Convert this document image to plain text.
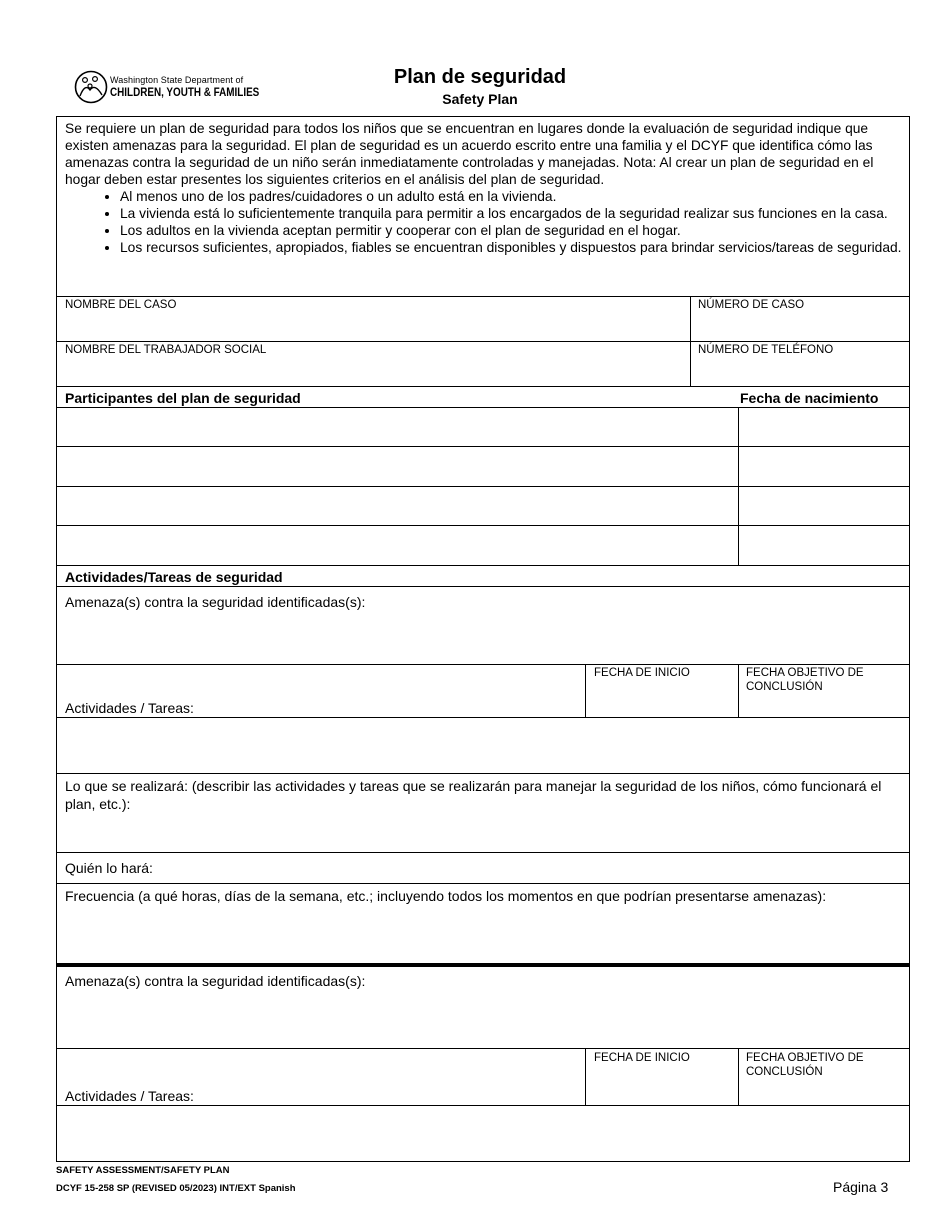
Washington State Department of
CHILDREN, YOUTH & FAMILIES
Plan de seguridad
Safety Plan

Se requiere un plan de seguridad para todos los niños que se encuentran en lugares donde la evaluación de seguridad indique que existen amenazas para la seguridad. El plan de seguridad es un acuerdo escrito entre una familia y el DCYF que identifica cómo las amenazas contra la seguridad de un niño serán inmediatamente controladas y manejadas. Nota: Al crear un plan de seguridad en el hogar deben estar presentes los siguientes criterios en el análisis del plan de seguridad.

• Al menos uno de los padres/cuidadores o un adulto está en la vivienda.
• La vivienda está lo suficientemente tranquila para permitir a los encargados de la seguridad realizar sus funciones en la casa.
• Los adultos en la vivienda aceptan permitir y cooperar con el plan de seguridad en el hogar.
• Los recursos suficientes, apropiados, fiables se encuentran disponibles y dispuestos para brindar servicios/tareas de seguridad.
NOMBRE DEL CASO	NÚMERO DE CASO
NOMBRE DEL TRABAJADOR SOCIAL	NÚMERO DE TELÉFONO
Participantes del plan de seguridad	Fecha de nacimiento
Actividades/Tareas de seguridad
Amenaza(s) contra la seguridad identificadas(s):
Actividades / Tareas:
FECHA DE INICIO	FECHA OBJETIVO DE CONCLUSIÓN
Lo que se realizará: (describir las actividades y tareas que se realizarán para manejar la seguridad de los niños, cómo funcionará el plan, etc.):
Quién lo hará:
Frecuencia (a qué horas, días de la semana, etc.; incluyendo todos los momentos en que podrían presentarse amenazas):
Amenaza(s) contra la seguridad identificadas(s):
Actividades / Tareas:
FECHA DE INICIO	FECHA OBJETIVO DE CONCLUSIÓN
SAFETY ASSESSMENT/SAFETY PLAN
DCYF 15-258 SP (REVISED 05/2023) INT/EXT Spanish	Página 3
